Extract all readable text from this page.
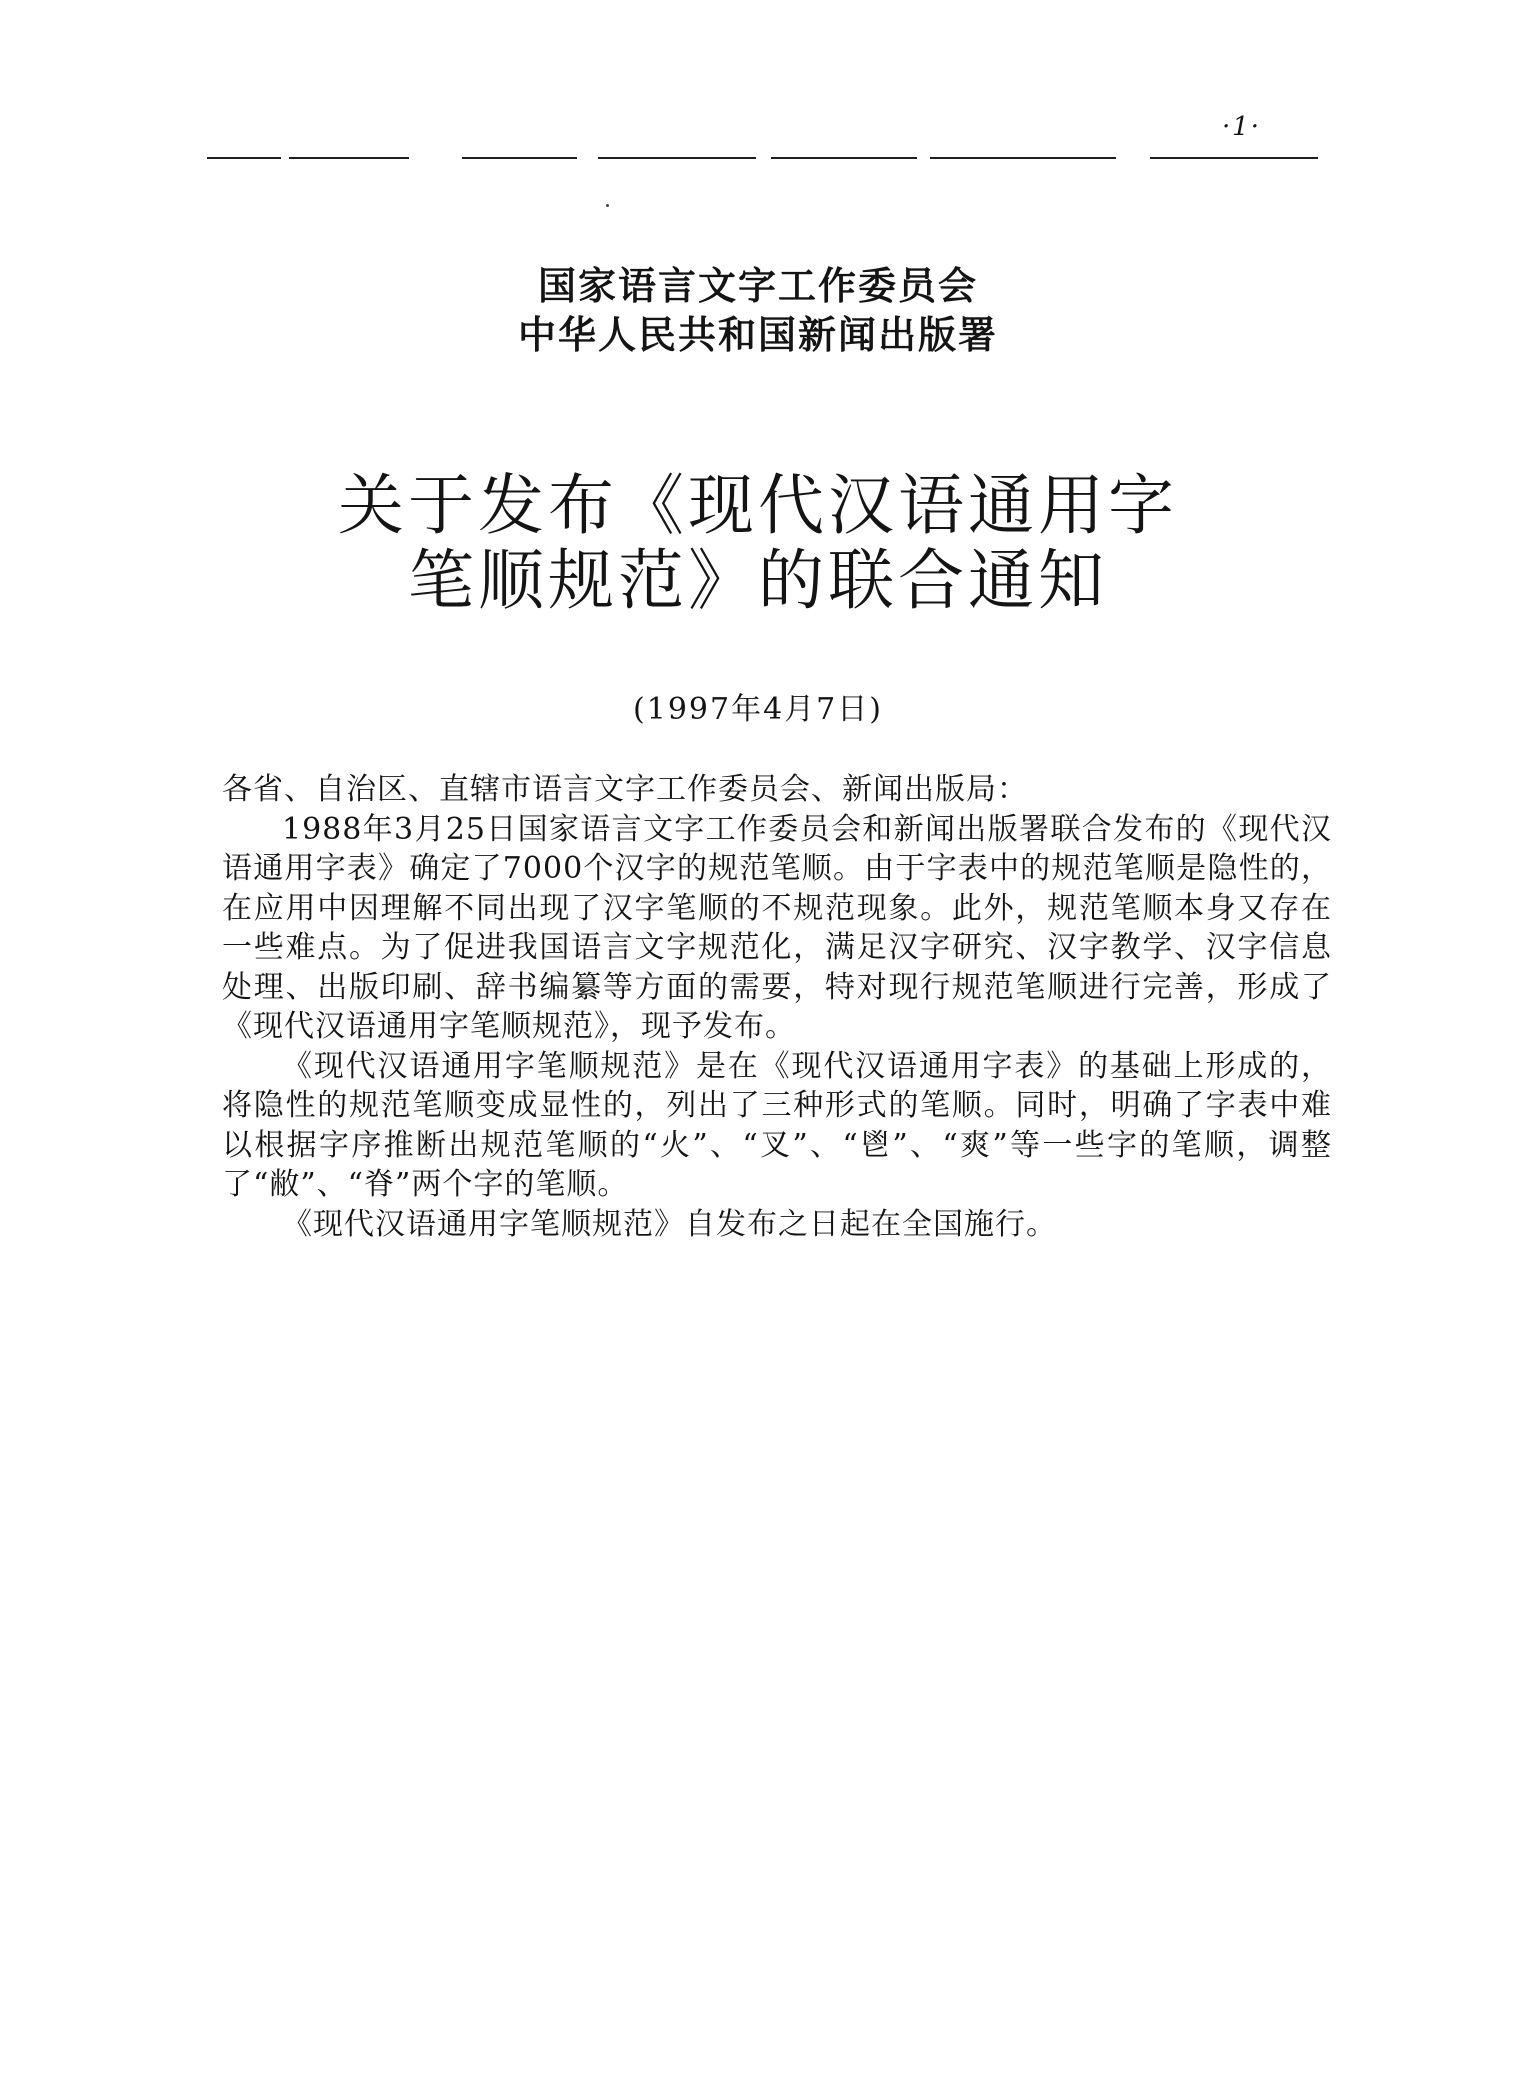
·1·
国家语言文字工作委员会
中华人民共和国新闻出版署
关于发布《现代汉语通用字
笔顺规范》的联合通知
(1997年4月7日)

各省、自治区、直辖市语言文字工作委员会、新闻出版局：

1988年3月25日国家语言文字工作委员会和新闻出版署联合发布的《现代汉语通用字表》确定了7000个汉字的规范笔顺。由于字表中的规范笔顺是隐性的，在应用中因理解不同出现了汉字笔顺的不规范现象。此外，规范笔顺本身又存在一些难点。为了促进我国语言文字规范化，满足汉字研究、汉字教学、汉字信息处理、出版印刷、辞书编纂等方面的需要，特对现行规范笔顺进行完善，形成了《现代汉语通用字笔顺规范》，现予发布。

《现代汉语通用字笔顺规范》是在《现代汉语通用字表》的基础上形成的，将隐性的规范笔顺变成显性的，列出了三种形式的笔顺。同时，明确了字表中难以根据字序推断出规范笔顺的“火”、“叉”、“鬯”、“爽”等一些字的笔顺，调整了“敝”、“脊”两个字的笔顺。

《现代汉语通用字笔顺规范》自发布之日起在全国施行。
